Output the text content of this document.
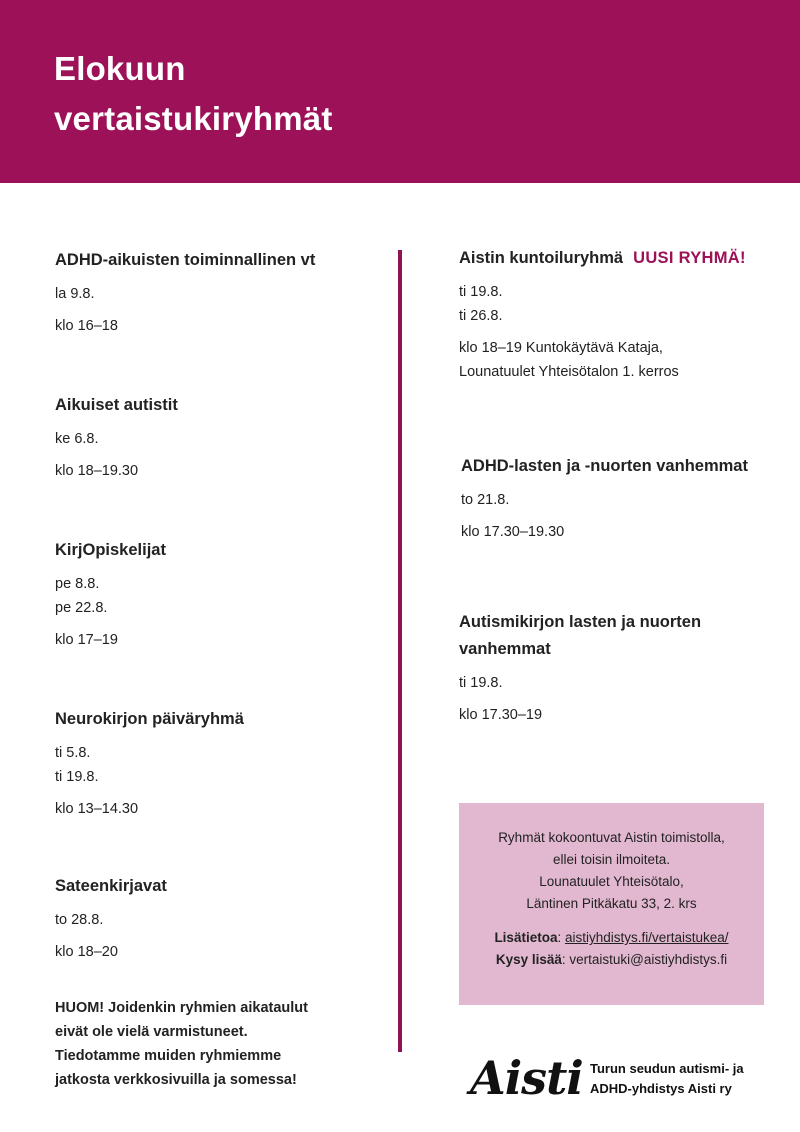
Elokuun
vertaistukiryhmät
ADHD-aikuisten toiminnallinen vt
la 9.8.
klo 16–18
Aikuiset autistit
ke 6.8.
klo 18–19.30
KirjOpiskelijat
pe 8.8.
pe 22.8.
klo 17–19
Neurokirjon päiväryhmä
ti 5.8.
ti 19.8.
klo 13–14.30
Sateenkirjavat
to 28.8.
klo 18–20
HUOM! Joidenkin ryhmien aikataulut
eivät ole vielä varmistuneet.
Tiedotamme muiden ryhmiemme
jatkosta verkkosivuilla ja somessa!
Aistin kuntoiluryhmä UUSI RYHMÄ!
ti 19.8.
ti 26.8.
klo 18–19 Kuntokäytävä Kataja,
Lounatuulet Yhteisötalon 1. kerros
ADHD-lasten ja -nuorten vanhemmat
to 21.8.
klo 17.30–19.30
Autismikirjon lasten ja nuorten
vanhemmat
ti 19.8.
klo 17.30–19
Ryhmät kokoontuvat Aistin toimistolla,
ellei toisin ilmoiteta.
Lounatuulet Yhteisötalo,
Läntinen Pitkäkatu 33, 2. krs
Lisätietoa: aistiyhdistys.fi/vertaistukea/
Kysy lisää: vertaistuki@aistiyhdistys.fi
Aisti Turun seudun autismi- ja
ADHD-yhdistys Aisti ry
